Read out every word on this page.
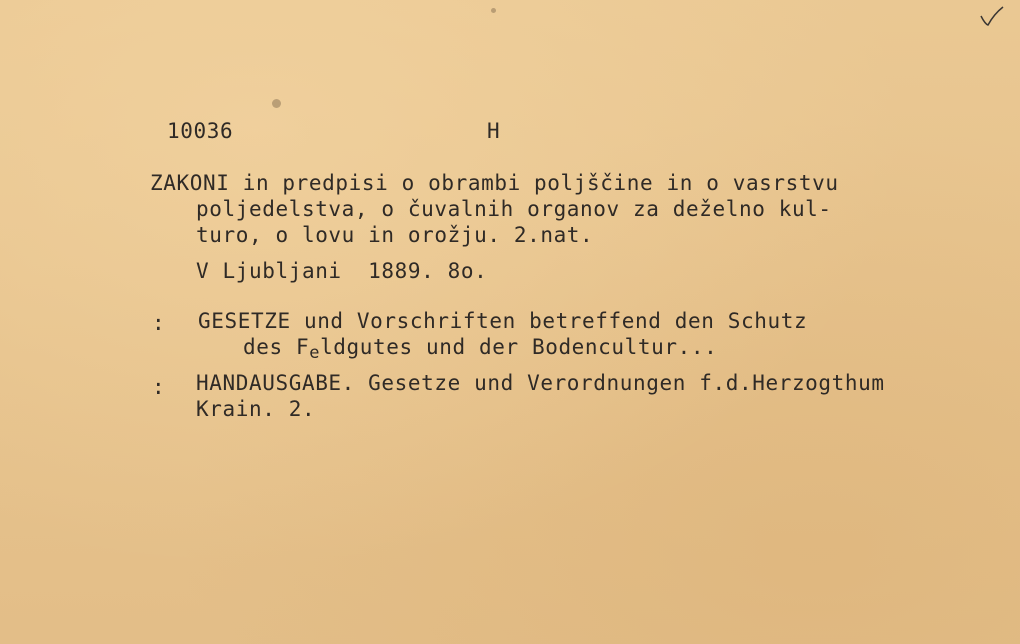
10036	H
ZAKONI in predpisi o obrambi poljščine in o vasrstvu
poljedelstva, o čuvalnih organov za deželno kul-
turo, o lovu in orožju. 2.nat.
V Ljubljani  1889. 8o.
: GESETZE und Vorschriften betreffend den Schutz
des Feldgutes und der Bodencultur...
: HANDAUSGABE. Gesetze und Verordnungen f.d.Herzogthum
Krain. 2.
